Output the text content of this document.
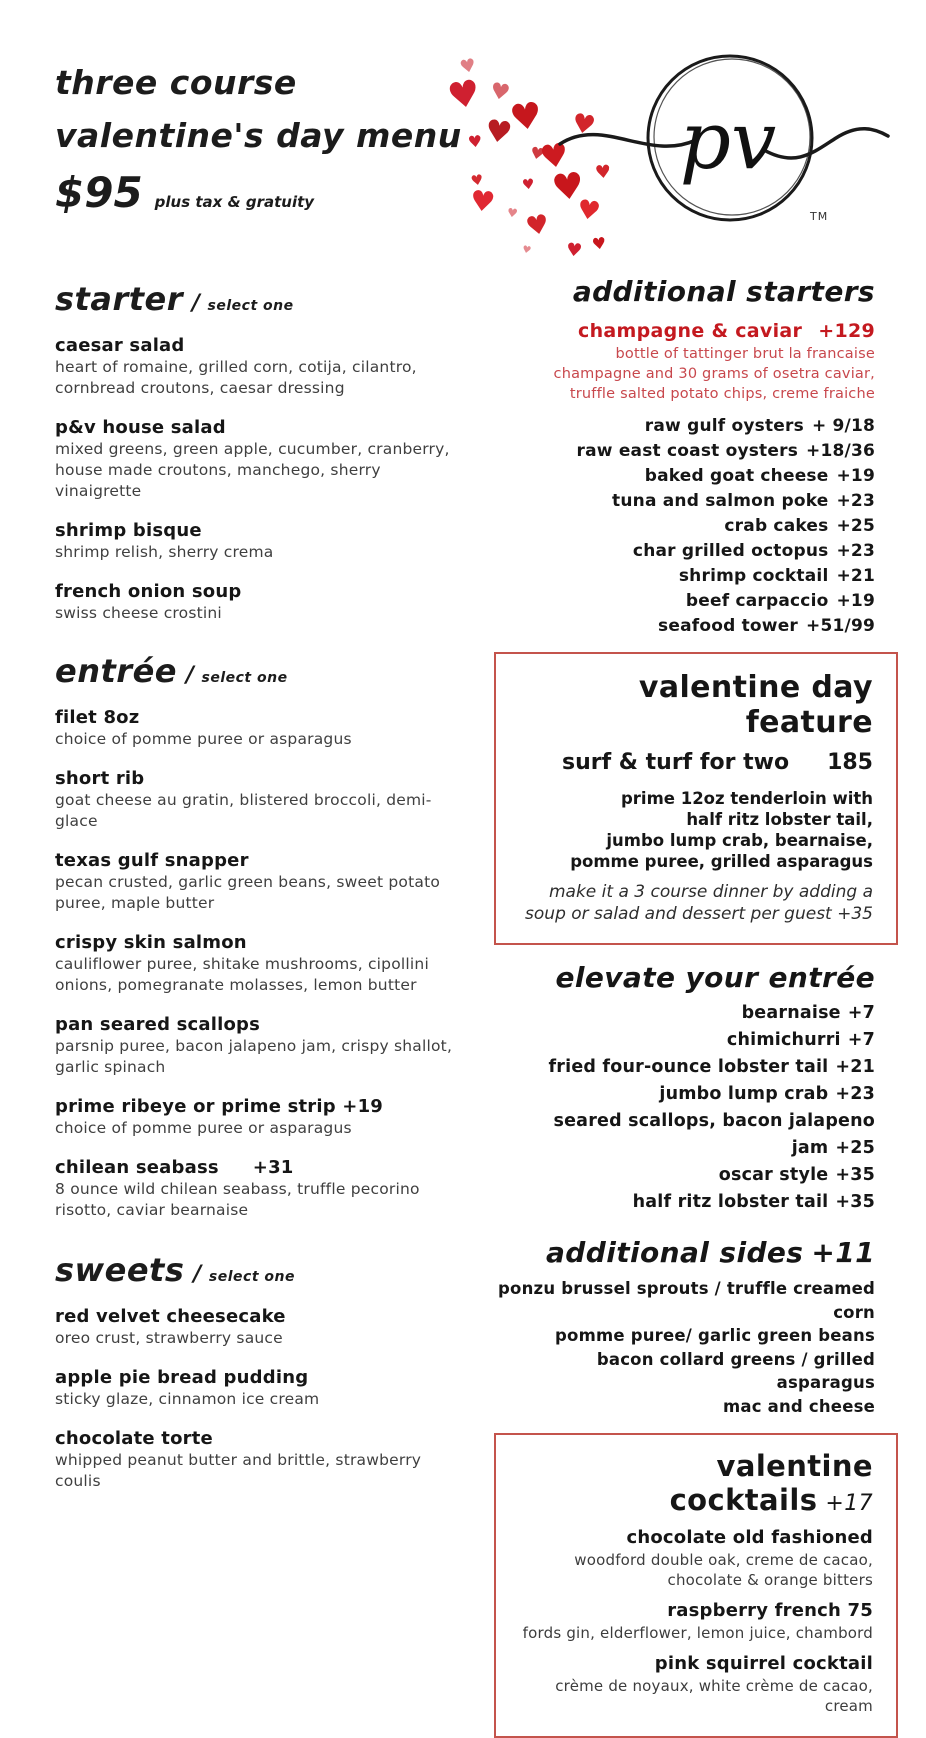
three course
valentine's day menu
$95 plus tax & gratuity
♥
♥
♥
♥
♥
♥
♥
♥
♥
♥
♥
♥
♥
♥
♥
♥
♥
♥
♥
♥
pv
TM
starter / select one
caesar salad
heart of romaine, grilled corn, cotija, cilantro, cornbread croutons, caesar dressing
p&v house salad
mixed greens, green apple, cucumber, cranberry, house made croutons, manchego, sherry vinaigrette
shrimp bisque
shrimp relish, sherry crema
french onion soup
swiss cheese crostini
entrée / select one
filet 8oz
choice of pomme puree or asparagus
short rib
goat cheese au gratin, blistered broccoli, demi-glace
texas gulf snapper
pecan crusted, garlic green beans, sweet potato puree, maple butter
crispy skin salmon
cauliflower puree, shitake mushrooms, cipollini onions, pomegranate molasses, lemon butter
pan seared scallops
parsnip puree, bacon jalapeno jam, crispy shallot, garlic spinach
prime ribeye or prime strip +19
choice of pomme puree or asparagus
chilean seabass +31
8 ounce wild chilean seabass, truffle pecorino risotto, caviar bearnaise
sweets / select one
red velvet cheesecake
oreo crust, strawberry sauce
apple pie bread pudding
sticky glaze, cinnamon ice cream
chocolate torte
whipped peanut butter and brittle, strawberry coulis
additional starters
champagne & caviar +129
bottle of tattinger brut la francaise
champagne and 30 grams of osetra caviar,
truffle salted potato chips, creme fraiche
raw gulf oysters + 9/18
raw east coast oysters +18/36
baked goat cheese +19
tuna and salmon poke +23
crab cakes +25
char grilled octopus +23
shrimp cocktail +21
beef carpaccio +19
seafood tower +51/99
valentine day feature
surf & turf for two 185
prime 12oz tenderloin with
half ritz lobster tail,
jumbo lump crab, bearnaise,
pomme puree, grilled asparagus
make it a 3 course dinner by adding a
soup or salad and dessert per guest +35
elevate your entrée
bearnaise +7
chimichurri +7
fried four-ounce lobster tail +21
jumbo lump crab +23
seared scallops, bacon jalapeno jam +25
oscar style +35
half ritz lobster tail +35
additional sides +11
ponzu brussel sprouts / truffle creamed corn
pomme puree/ garlic green beans
bacon collard greens / grilled asparagus
mac and cheese
valentine cocktails +17
chocolate old fashioned
woodford double oak, creme de cacao, chocolate & orange bitters
raspberry french 75
fords gin, elderflower, lemon juice, chambord
pink squirrel cocktail
crème de noyaux, white crème de cacao, cream
